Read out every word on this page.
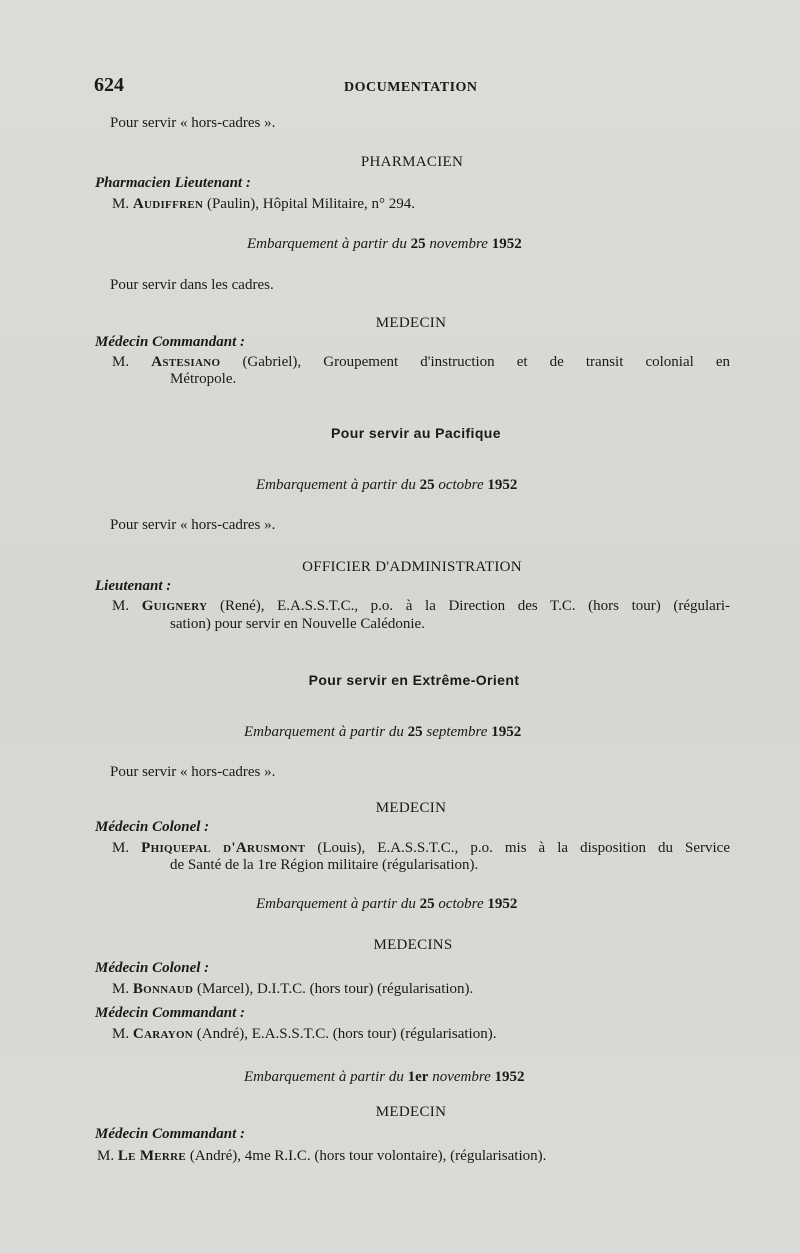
624	DOCUMENTATION
Pour servir « hors-cadres ».
PHARMACIEN
Pharmacien Lieutenant :
M. Audiffren (Paulin), Hôpital Militaire, n° 294.
Embarquement à partir du 25 novembre 1952
Pour servir dans les cadres.
MEDECIN
Médecin Commandant :
M. Astesiano (Gabriel), Groupement d'instruction et de transit colonial en
Métropole.
Pour servir au Pacifique
Embarquement à partir du 25 octobre 1952
Pour servir « hors-cadres ».
OFFICIER D'ADMINISTRATION
Lieutenant :
M. Guignery (René), E.A.S.S.T.C., p.o. à la Direction des T.C. (hors tour) (régulari-
sation) pour servir en Nouvelle Calédonie.
Pour servir en Extrême-Orient
Embarquement à partir du 25 septembre 1952
Pour servir « hors-cadres ».
MEDECIN
Médecin Colonel :
M. Phiquepal d'Arusmont (Louis), E.A.S.S.T.C., p.o. mis à la disposition du Service
de Santé de la 1re Région militaire (régularisation).
Embarquement à partir du 25 octobre 1952
MEDECINS
Médecin Colonel :
M. Bonnaud (Marcel), D.I.T.C. (hors tour) (régularisation).
Médecin Commandant :
M. Carayon (André), E.A.S.S.T.C. (hors tour) (régularisation).
Embarquement à partir du 1er novembre 1952
MEDECIN
Médecin Commandant :
M. Le Merre (André), 4me R.I.C. (hors tour volontaire), (régularisation).
